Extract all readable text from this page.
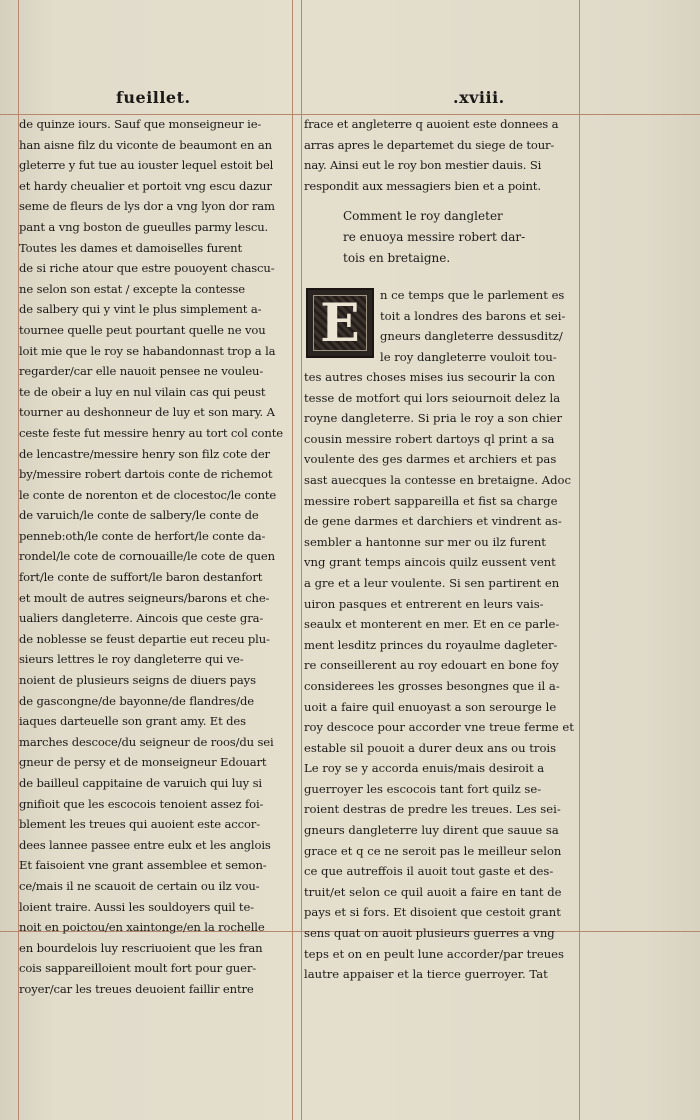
fueillet.	.xviii.
de quinze iours. Sauf que monseigneur ie-
han aisne filz du viconte de beaumont en an
gleterre y fut tue au iouster lequel estoit bel
et hardy cheualier et portoit vng escu dazur
seme de fleurs de lys dor a vng lyon dor ram
pant a vng boston de gueulles parmy lescu.
Toutes les dames et damoiselles furent
de si riche atour que estre pouoyent chascu-
ne selon son estat / excepte la contesse
de salbery qui y vint le plus simplement a-
tournee quelle peut pourtant quelle ne vou
loit mie que le roy se habandonnast trop a la
regarder/car elle nauoit pensee ne vouleu-
te de obeir a luy en nul vilain cas qui peust
tourner au deshonneur de luy et son mary. A
ceste feste fut messire henry au tort col conte
de lencastre/messire henry son filz cote der
by/messire robert dartois conte de richemot
le conte de norenton et de clocestoc/le conte
de varuich/le conte de salbery/le conte de
penneb:oth/le conte de herfort/le conte da-
rondel/le cote de cornouaille/le cote de quen
fort/le conte de suffort/le baron destanfort
et moult de autres seigneurs/barons et che-
ualiers dangleterre. Aincois que ceste gra-
de noblesse se feust departie eut receu plu-
sieurs lettres le roy dangleterre qui ve-
noient de plusieurs seigns de diuers pays
de gascongne/de bayonne/de flandres/de
iaques darteuelle son grant amy. Et des
marches descoce/du seigneur de roos/du sei
gneur de persy et de monseigneur Edouart
de bailleul cappitaine de varuich qui luy si
gnifioit que les escocois tenoient assez foi-
blement les treues qui auoient este accor-
dees lannee passee entre eulx et les anglois
Et faisoient vne grant assemblee et semon-
ce/mais il ne scauoit de certain ou ilz vou-
loient traire. Aussi les souldoyers quil te-
noit en poictou/en xaintonge/en la rochelle
en bourdelois luy rescriuoient que les fran
cois sappareilloient moult fort pour guer-
royer/car les treues deuoient faillir entre
frace et angleterre q auoient este donnees a
arras apres le departemet du siege de tour-
nay. Ainsi eut le roy bon mestier dauis. Si
respondit aux messagiers bien et a point.
Comment le roy dangleter
re enuoya messire robert dar-
tois en bretaigne.
E	n ce temps que le parlement es
toit a londres des barons et sei-
gneurs dangleterre dessusditz/
le roy dangleterre vouloit tou-
tes autres choses mises ius secourir la con
tesse de motfort qui lors seiournoit delez la
royne dangleterre. Si pria le roy a son chier
cousin messire robert dartoys ql print a sa
voulente des ges darmes et archiers et pas
sast auecques la contesse en bretaigne. Adoc
messire robert sappareilla et fist sa charge
de gene darmes et darchiers et vindrent as-
sembler a hantonne sur mer ou ilz furent
vng grant temps aincois quilz eussent vent
a gre et a leur voulente. Si sen partirent en
uiron pasques et entrerent en leurs vais-
seaulx et monterent en mer. Et en ce parle-
ment lesditz princes du royaulme dagleter-
re conseillerent au roy edouart en bone foy
considerees les grosses besongnes que il a-
uoit a faire quil enuoyast a son serourge le
roy descoce pour accorder vne treue ferme et
estable sil pouoit a durer deux ans ou trois
Le roy se y accorda enuis/mais desiroit a
guerroyer les escocois tant fort quilz se-
roient destras de predre les treues. Les sei-
gneurs dangleterre luy dirent que sauue sa
grace et q ce ne seroit pas le meilleur selon
ce que autreffois il auoit tout gaste et des-
truit/et selon ce quil auoit a faire en tant de
pays et si fors. Et disoient que cestoit grant
sens quat on auoit plusieurs guerres a vng
teps et on en peult lune accorder/par treues
lautre appaiser et la tierce guerroyer. Tat
